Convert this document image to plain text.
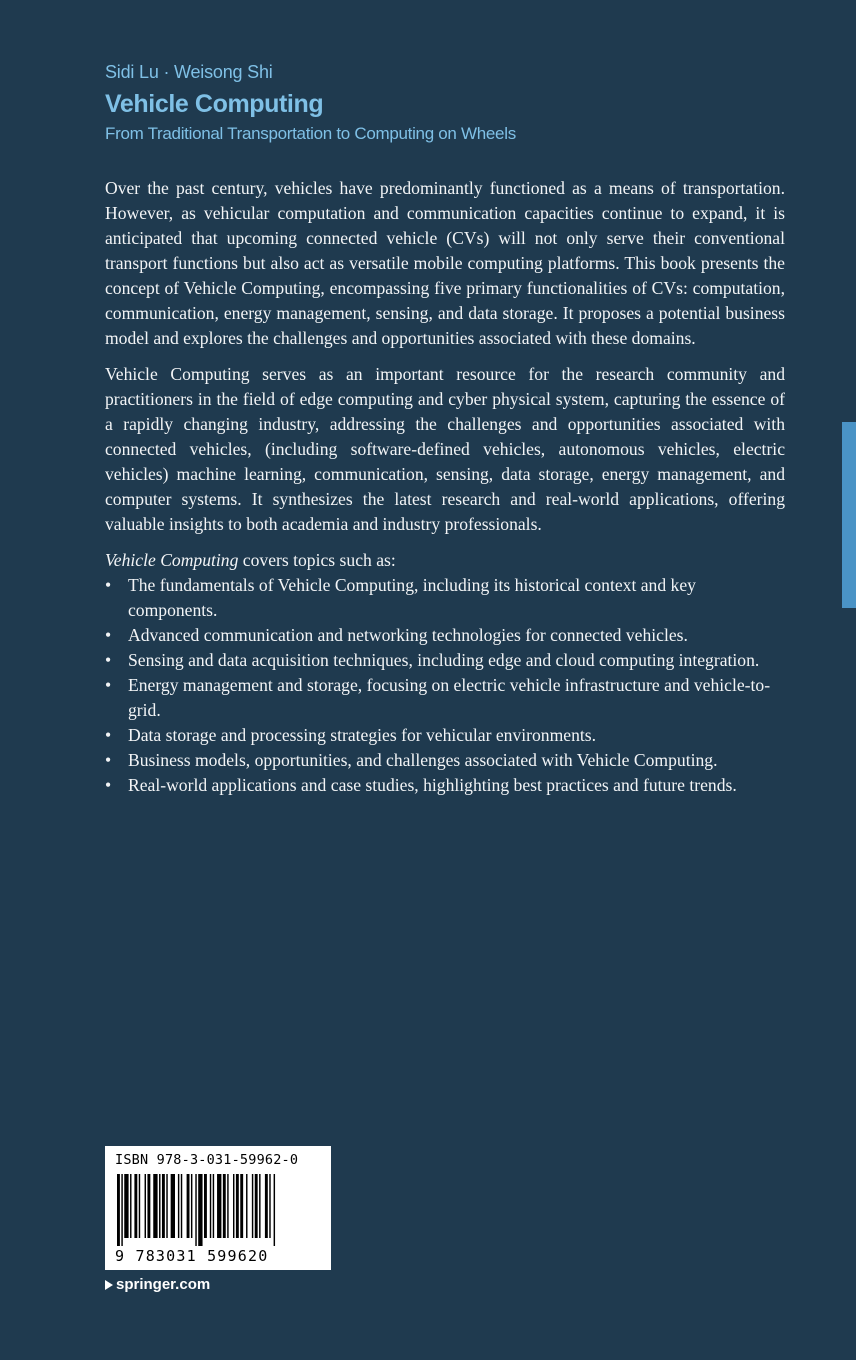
Sidi Lu · Weisong Shi

Vehicle Computing

From Traditional Transportation to Computing on Wheels

Over the past century, vehicles have predominantly functioned as a means of transportation. However, as vehicular computation and communication capacities continue to expand, it is anticipated that upcoming connected vehicle (CVs) will not only serve their conventional transport functions but also act as versatile mobile computing platforms. This book presents the concept of Vehicle Computing, encompassing five primary functionalities of CVs: computation, communication, energy management, sensing, and data storage. It proposes a potential business model and explores the challenges and opportunities associated with these domains.

Vehicle Computing serves as an important resource for the research community and practitioners in the field of edge computing and cyber physical system, capturing the essence of a rapidly changing industry, addressing the challenges and opportunities associated with connected vehicles, (including software-defined vehicles, autonomous vehicles, electric vehicles) machine learning, communication, sensing, data storage, energy management, and computer systems. It synthesizes the latest research and real-world applications, offering valuable insights to both academia and industry professionals.

Vehicle Computing covers topics such as:

• The fundamentals of Vehicle Computing, including its historical context and key components.
• Advanced communication and networking technologies for connected vehicles.
• Sensing and data acquisition techniques, including edge and cloud computing integration.
• Energy management and storage, focusing on electric vehicle infrastructure and vehicle-to-grid.
• Data storage and processing strategies for vehicular environments.
• Business models, opportunities, and challenges associated with Vehicle Computing.
• Real-world applications and case studies, highlighting best practices and future trends.
ISBN 978-3-031-59962-0
9 783031 599620
springer.com
